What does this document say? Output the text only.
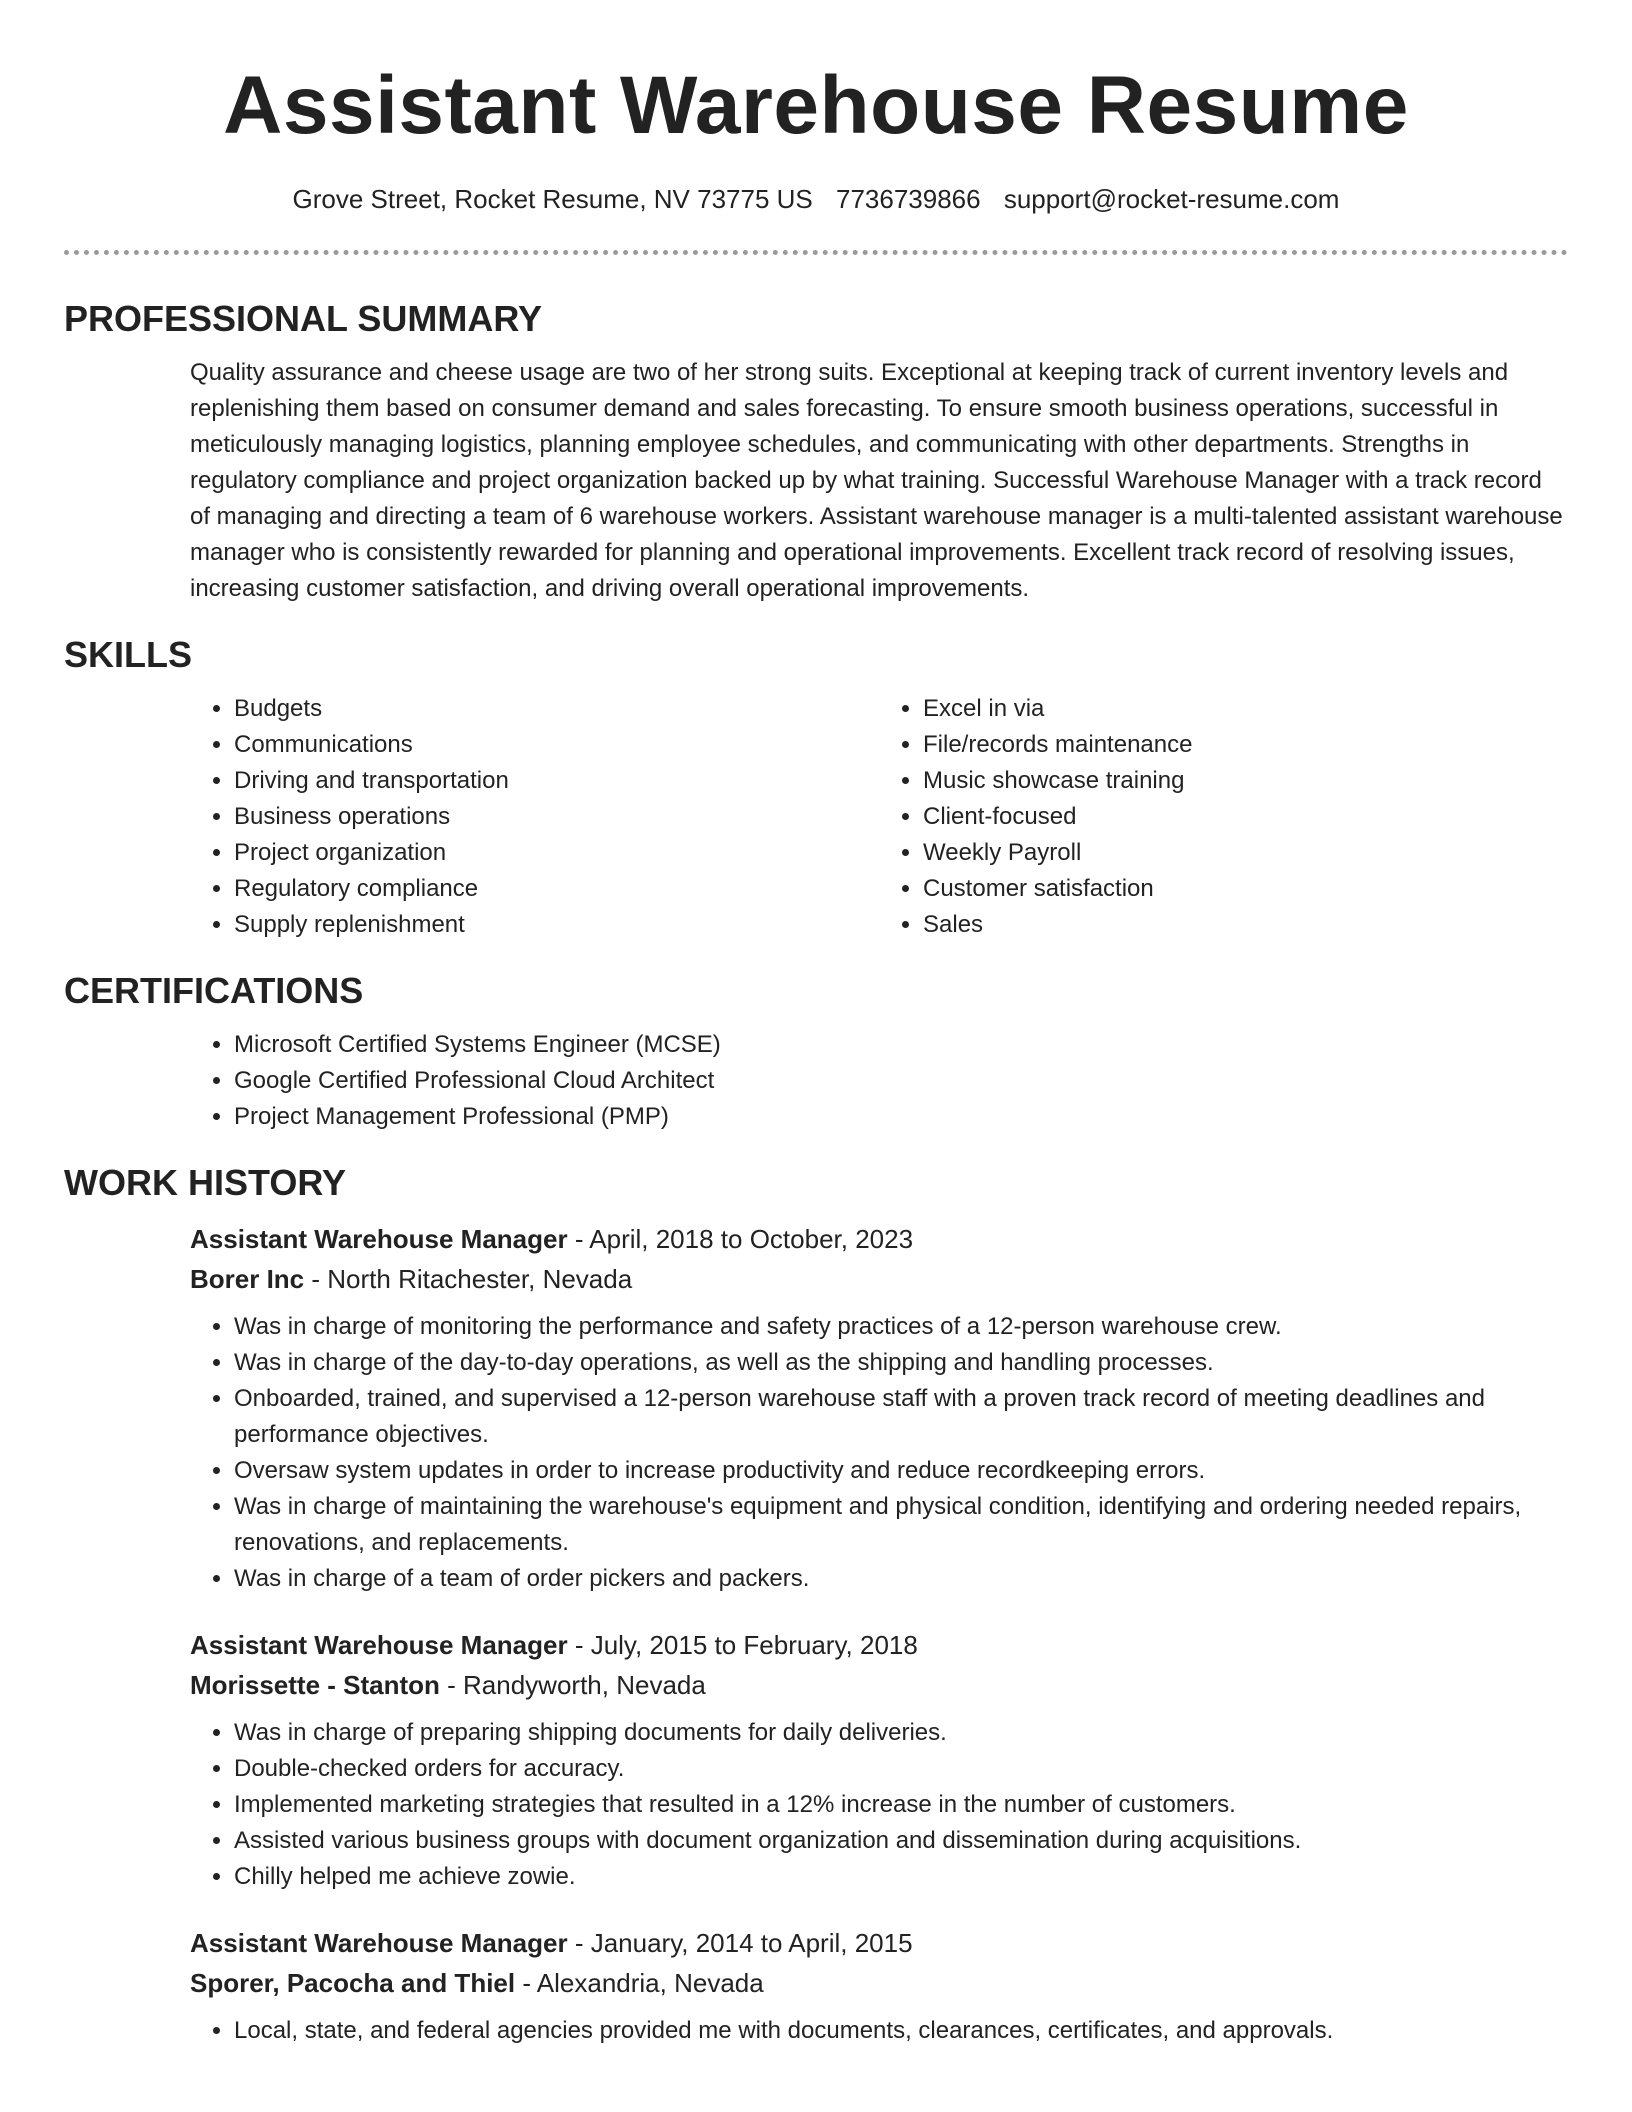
Assistant Warehouse Resume
Grove Street, Rocket Resume, NV 73775 US 7736739866 support@rocket-resume.com
PROFESSIONAL SUMMARY
Quality assurance and cheese usage are two of her strong suits. Exceptional at keeping track of current inventory levels and replenishing them based on consumer demand and sales forecasting. To ensure smooth business operations, successful in meticulously managing logistics, planning employee schedules, and communicating with other departments. Strengths in regulatory compliance and project organization backed up by what training. Successful Warehouse Manager with a track record of managing and directing a team of 6 warehouse workers. Assistant warehouse manager is a multi-talented assistant warehouse manager who is consistently rewarded for planning and operational improvements. Excellent track record of resolving issues, increasing customer satisfaction, and driving overall operational improvements.
SKILLS
• Budgets
• Communications
• Driving and transportation
• Business operations
• Project organization
• Regulatory compliance
• Supply replenishment
• Excel in via
• File/records maintenance
• Music showcase training
• Client-focused
• Weekly Payroll
• Customer satisfaction
• Sales
CERTIFICATIONS
• Microsoft Certified Systems Engineer (MCSE)
• Google Certified Professional Cloud Architect
• Project Management Professional (PMP)
WORK HISTORY
Assistant Warehouse Manager - April, 2018 to October, 2023
Borer Inc - North Ritachester, Nevada
• Was in charge of monitoring the performance and safety practices of a 12-person warehouse crew.
• Was in charge of the day-to-day operations, as well as the shipping and handling processes.
• Onboarded, trained, and supervised a 12-person warehouse staff with a proven track record of meeting deadlines and performance objectives.
• Oversaw system updates in order to increase productivity and reduce recordkeeping errors.
• Was in charge of maintaining the warehouse's equipment and physical condition, identifying and ordering needed repairs, renovations, and replacements.
• Was in charge of a team of order pickers and packers.
Assistant Warehouse Manager - July, 2015 to February, 2018
Morissette - Stanton - Randyworth, Nevada
• Was in charge of preparing shipping documents for daily deliveries.
• Double-checked orders for accuracy.
• Implemented marketing strategies that resulted in a 12% increase in the number of customers.
• Assisted various business groups with document organization and dissemination during acquisitions.
• Chilly helped me achieve zowie.
Assistant Warehouse Manager - January, 2014 to April, 2015
Sporer, Pacocha and Thiel - Alexandria, Nevada
• Local, state, and federal agencies provided me with documents, clearances, certificates, and approvals.
